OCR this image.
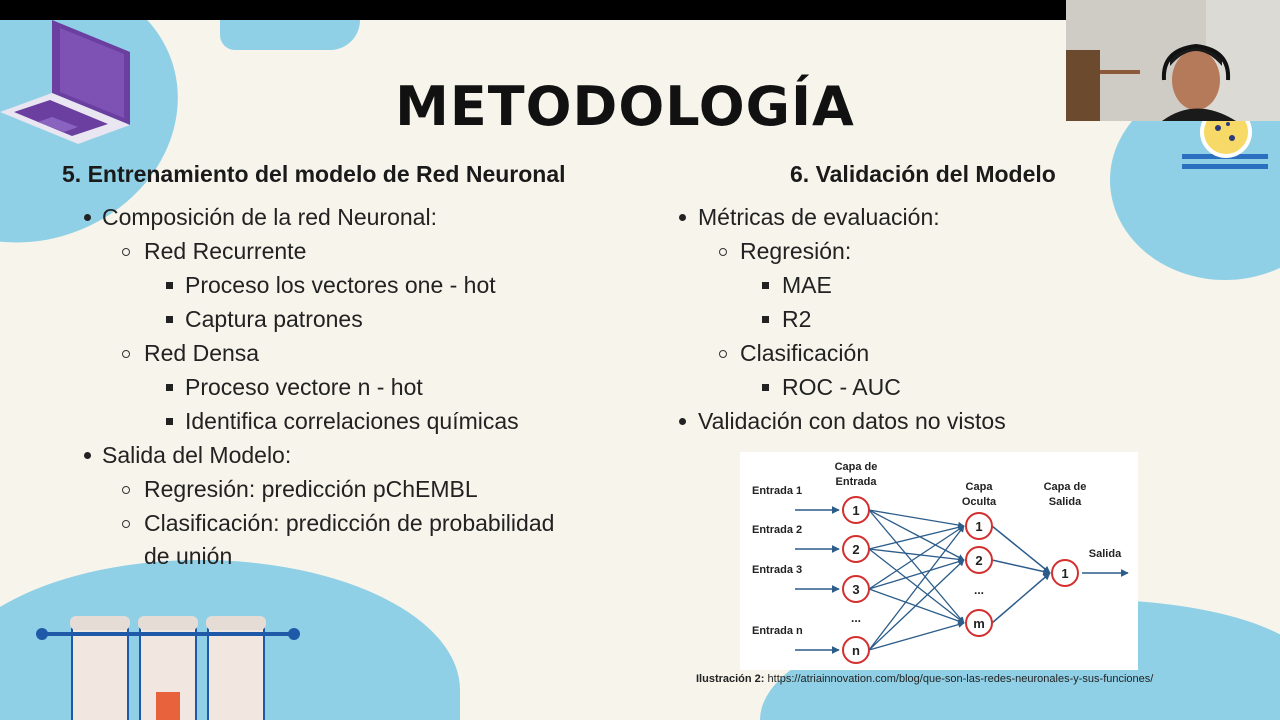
METODOLOGÍA
5. Entrenamiento del modelo de Red Neuronal
Composición de la red Neuronal:
Red Recurrente
Proceso los vectores one - hot
Captura patrones
Red Densa
Proceso vectore n - hot
Identifica correlaciones químicas
Salida del Modelo:
Regresión: predicción pChEMBL
Clasificación: predicción de probabilidad
de unión
6. Validación del Modelo
Métricas de evaluación:
Regresión:
MAE
R2
Clasificación
ROC - AUC
Validación con datos no vistos
Capa de
Entrada	Capa
Oculta
Capa de
Salida
Entrada 1
Entrada 2
Entrada 3
Entrada n
Salida
1
2
3
n
1
2
m
1
...
...
Ilustración 2: https://atriainnovation.com/blog/que-son-las-redes-neuronales-y-sus-funciones/
